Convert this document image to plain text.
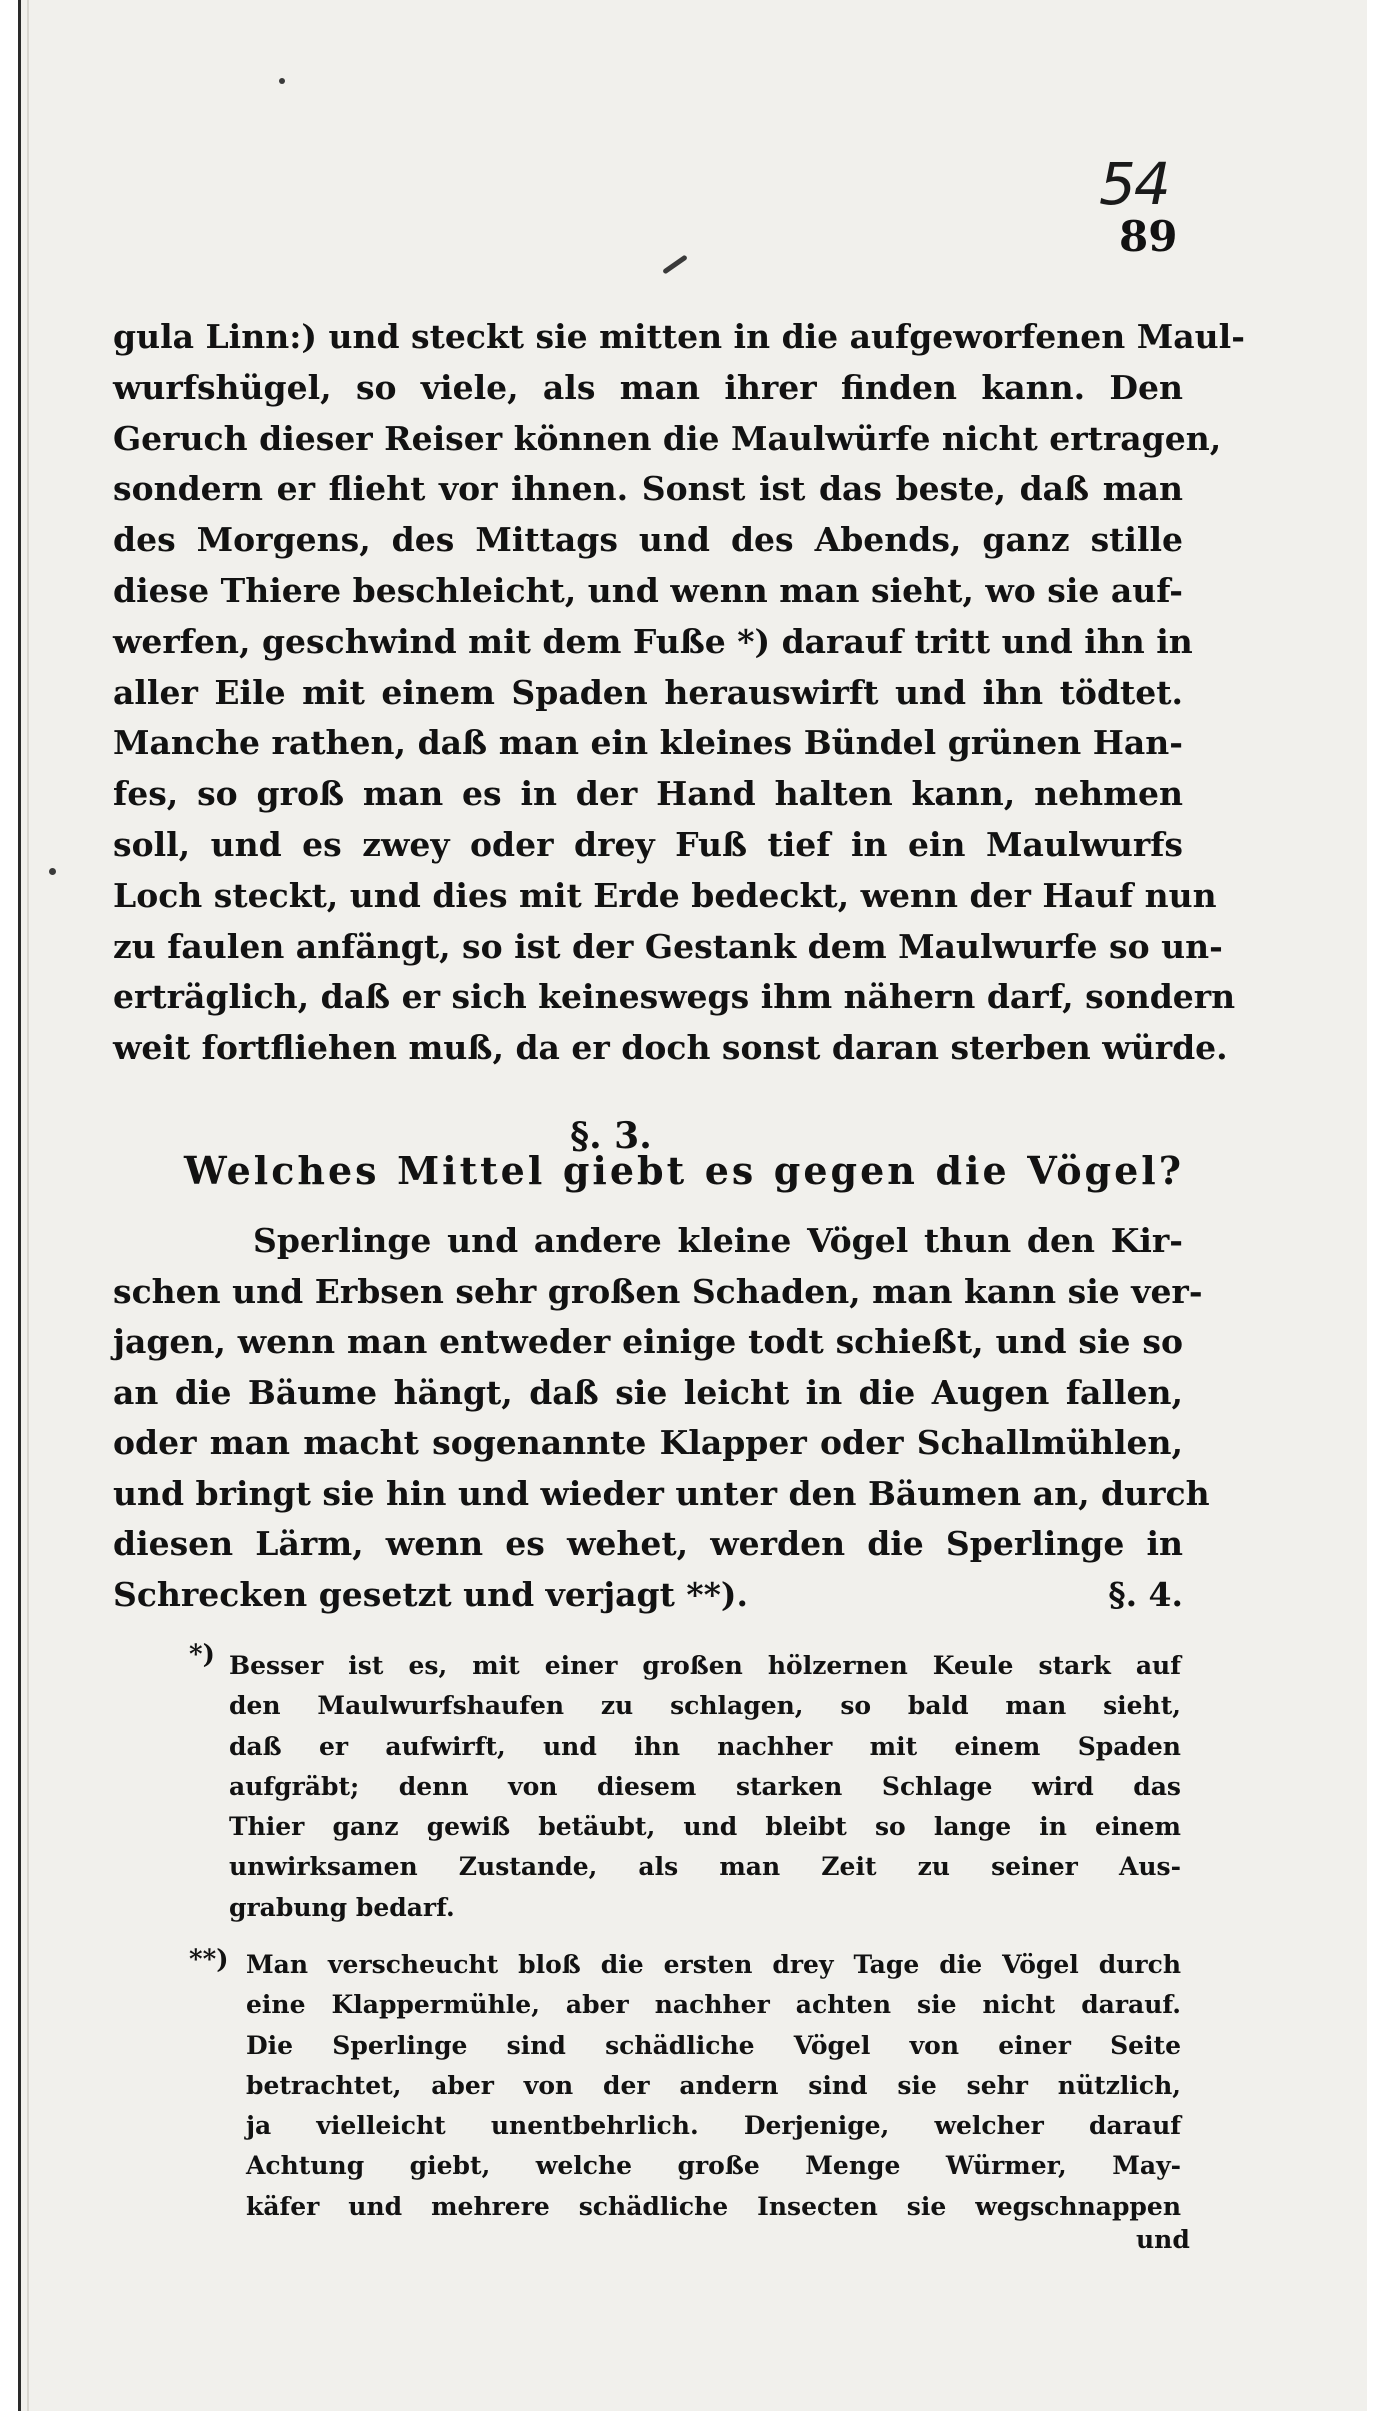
54
89
gula Linn:) und steckt sie mitten in die aufgeworfenen Maul-
wurfshügel, so viele, als man ihrer finden kann. Den
Geruch dieser Reiser können die Maulwürfe nicht ertragen,
sondern er flieht vor ihnen. Sonst ist das beste, daß man
des Morgens, des Mittags und des Abends, ganz stille
diese Thiere beschleicht, und wenn man sieht, wo sie auf-
werfen, geschwind mit dem Fuße *) darauf tritt und ihn in
aller Eile mit einem Spaden herauswirft und ihn tödtet.
Manche rathen, daß man ein kleines Bündel grünen Han-
fes, so groß man es in der Hand halten kann, nehmen
soll, und es zwey oder drey Fuß tief in ein Maulwurfs
Loch steckt, und dies mit Erde bedeckt, wenn der Hauf nun
zu faulen anfängt, so ist der Gestank dem Maulwurfe so un-
erträglich, daß er sich keineswegs ihm nähern darf, sondern
weit fortfliehen muß, da er doch sonst daran sterben würde.
§. 3.
Welches Mittel giebt es gegen die Vögel?
Sperlinge und andere kleine Vögel thun den Kir-
schen und Erbsen sehr großen Schaden, man kann sie ver-
jagen, wenn man entweder einige todt schießt, und sie so
an die Bäume hängt, daß sie leicht in die Augen fallen,
oder man macht sogenannte Klapper oder Schallmühlen,
und bringt sie hin und wieder unter den Bäumen an, durch
diesen Lärm, wenn es wehet, werden die Sperlinge in
Schrecken gesetzt und verjagt **).	§. 4.
*) Besser ist es, mit einer großen hölzernen Keule stark auf
den Maulwurfshaufen zu schlagen, so bald man sieht,
daß er aufwirft, und ihn nachher mit einem Spaden
aufgräbt; denn von diesem starken Schlage wird das
Thier ganz gewiß betäubt, und bleibt so lange in einem
unwirksamen Zustande, als man Zeit zu seiner Aus-
grabung bedarf.
**) Man verscheucht bloß die ersten drey Tage die Vögel durch
eine Klappermühle, aber nachher achten sie nicht darauf.
Die Sperlinge sind schädliche Vögel von einer Seite
betrachtet, aber von der andern sind sie sehr nützlich,
ja vielleicht unentbehrlich. Derjenige, welcher darauf
Achtung giebt, welche große Menge Würmer, May-
käfer und mehrere schädliche Insecten sie wegschnappen
und
